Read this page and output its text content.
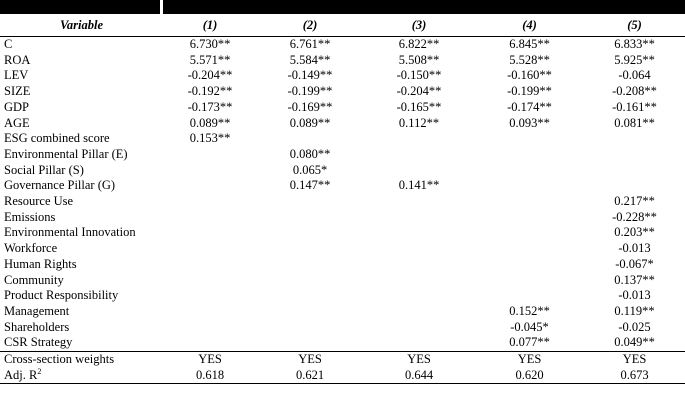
Variable	(1)	(2)	(3)	(4)	(5)
C	6.730**	6.761**	6.822**	6.845**	6.833**
ROA	5.571**	5.584**	5.508**	5.528**	5.925**
LEV	-0.204**	-0.149**	-0.150**	-0.160**	-0.064
SIZE	-0.192**	-0.199**	-0.204**	-0.199**	-0.208**
GDP	-0.173**	-0.169**	-0.165**	-0.174**	-0.161**
AGE	0.089**	0.089**	0.112**	0.093**	0.081**
ESG combined score	0.153**				
Environmental Pillar (E)		0.080**			
Social Pillar (S)		0.065*			
Governance Pillar (G)		0.147**	0.141**		
Resource Use					0.217**
Emissions					-0.228**
Environmental Innovation					0.203**
Workforce					-0.013
Human Rights					-0.067*
Community					0.137**
Product Responsibility					-0.013
Management				0.152**	0.119**
Shareholders				-0.045*	-0.025
CSR Strategy				0.077**	0.049**
Cross-section weights	YES	YES	YES	YES	YES
Adj. $R^2$	0.618	0.621	0.644	0.620	0.673
